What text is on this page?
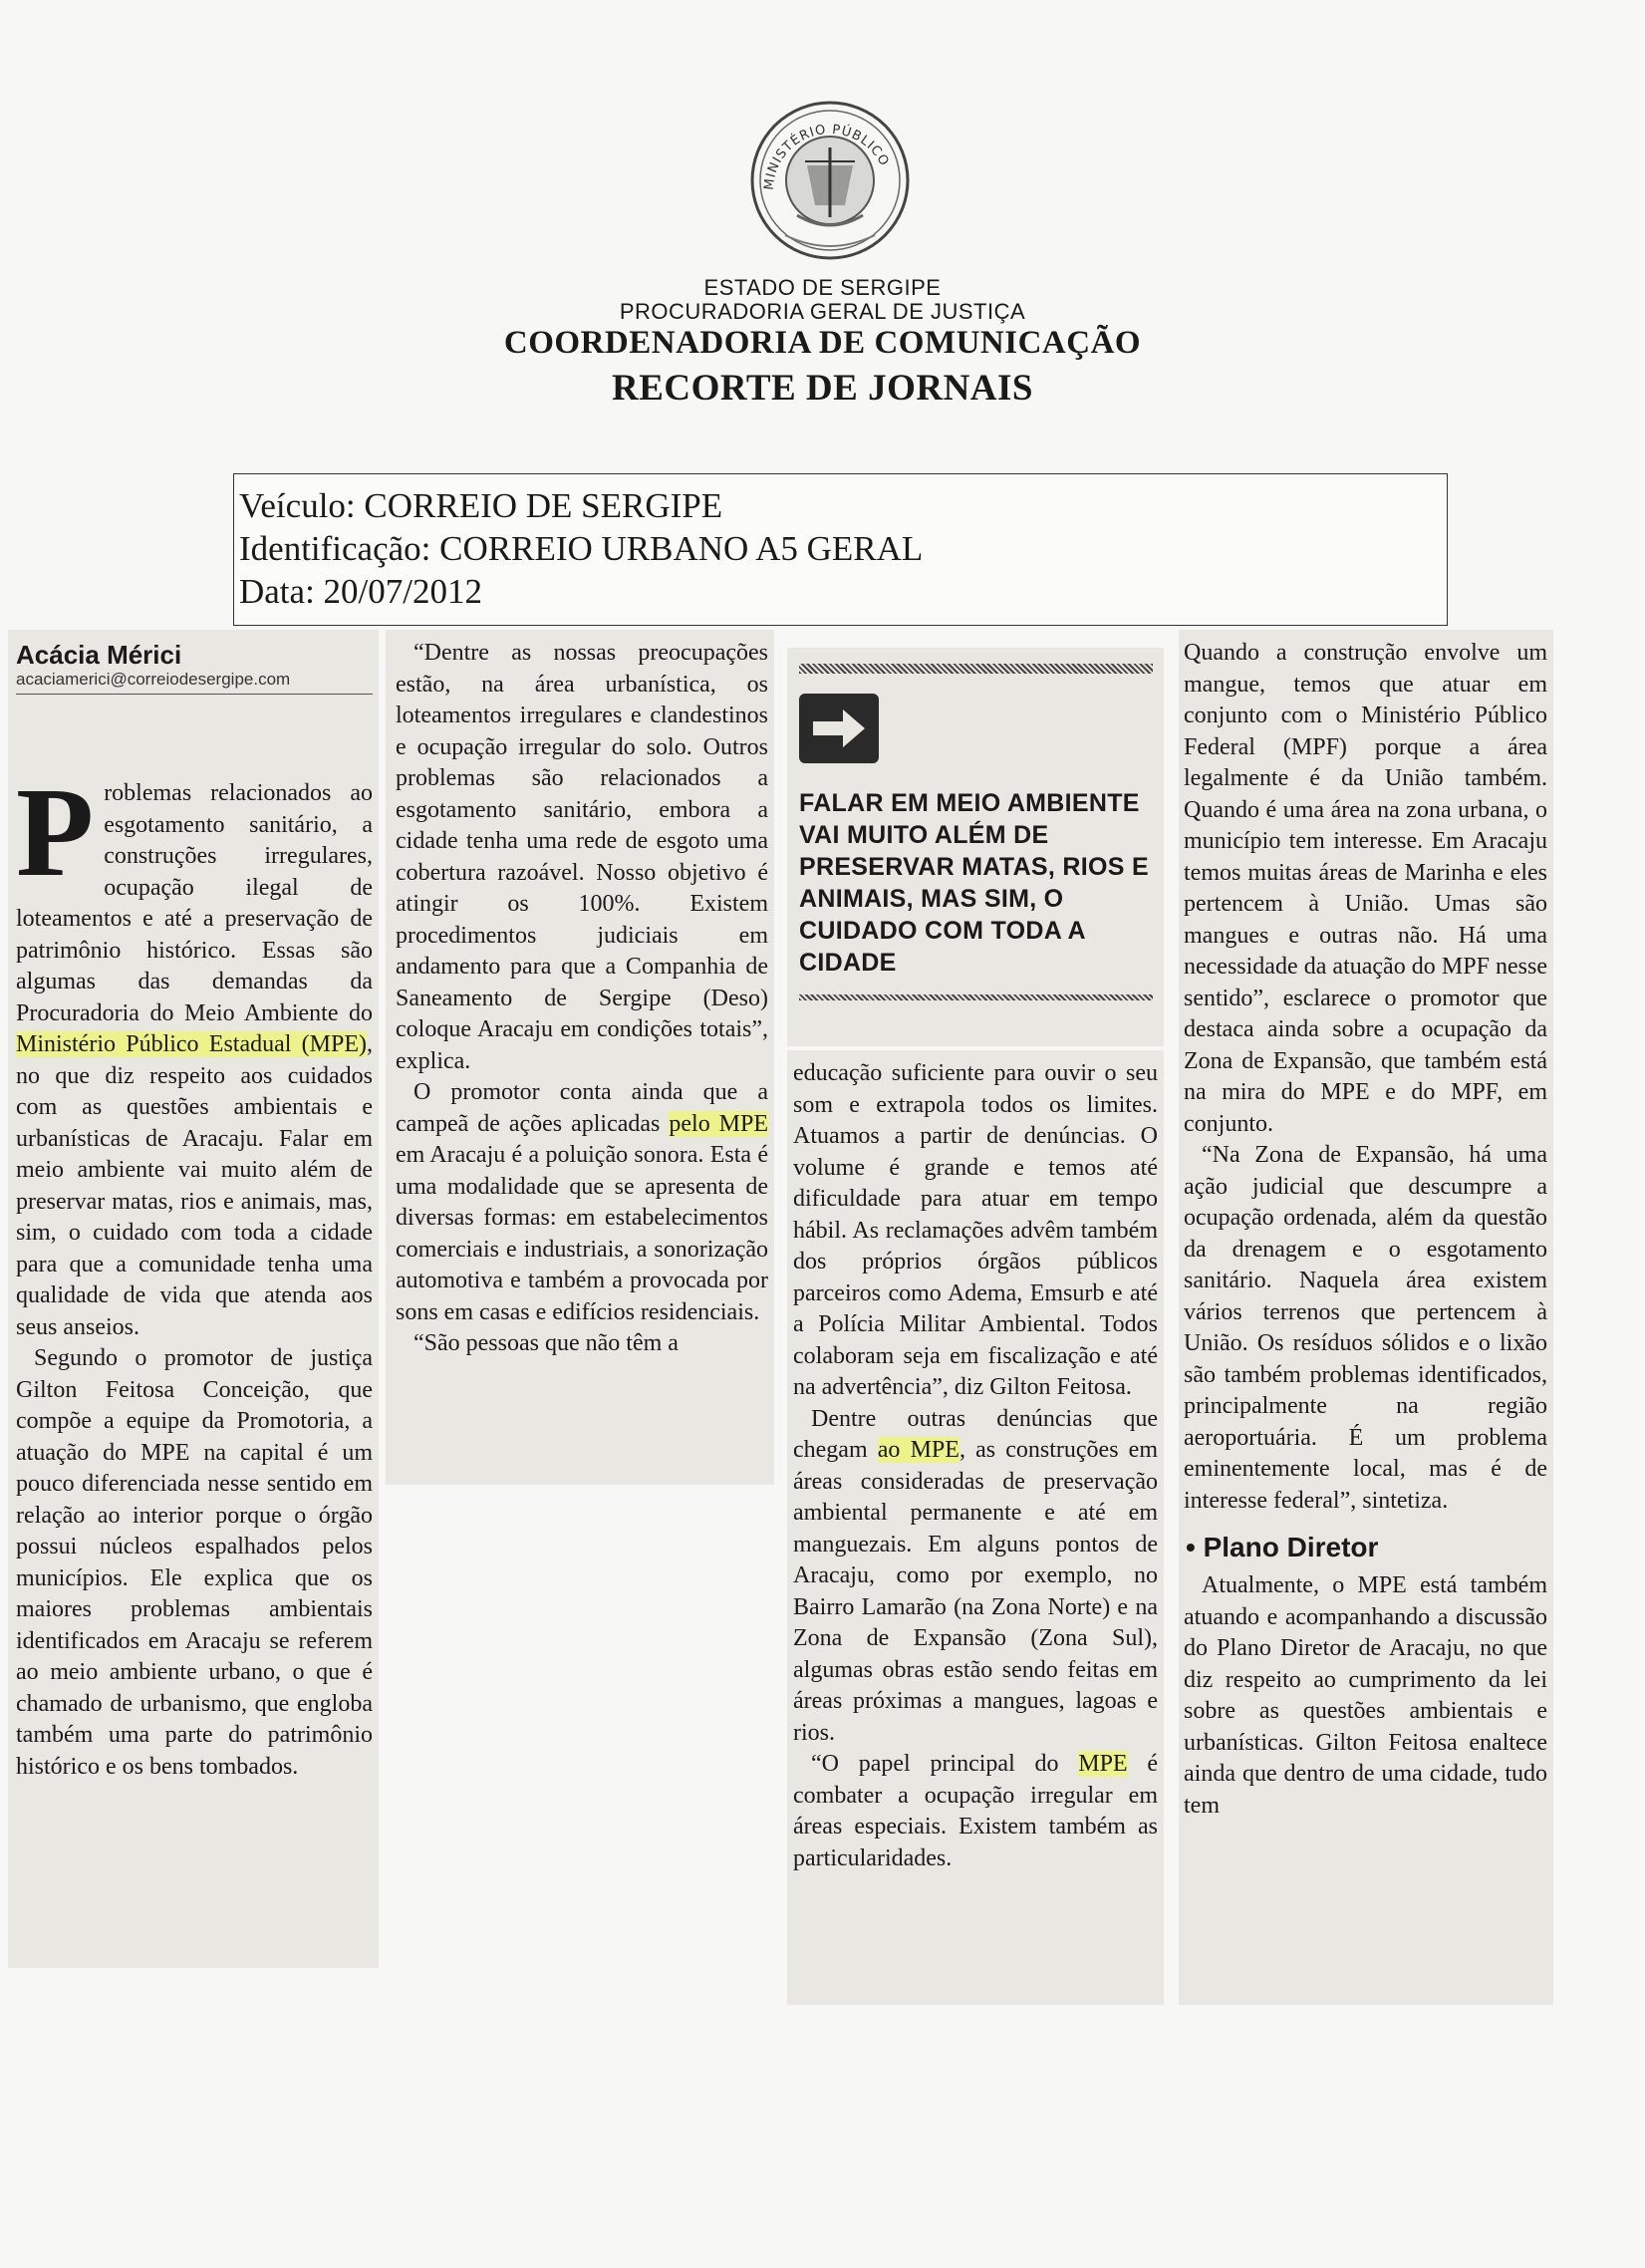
MINISTÉRIO PÚBLICO
ESTADO DE SERGIPE
PROCURADORIA GERAL DE JUSTIÇA
COORDENADORIA DE COMUNICAÇÃO
RECORTE DE JORNAIS
Veículo: CORREIO DE SERGIPE
Identificação: CORREIO URBANO A5 GERAL
Data: 20/07/2012
Acácia Mérici
acaciamerici@correiodesergipe.com
P roblemas relacionados ao esgotamento sanitário, a construções irregulares, ocupação ilegal de loteamentos e até a preservação de patrimônio histórico. Essas são algumas das demandas da Procuradoria do Meio Ambiente do Ministério Público Estadual (MPE), no que diz respeito aos cuidados com as questões ambientais e urbanísticas de Aracaju. Falar em meio ambiente vai muito além de preservar matas, rios e animais, mas, sim, o cuidado com toda a cidade para que a comunidade tenha uma qualidade de vida que atenda aos seus anseios.

Segundo o promotor de justiça Gilton Feitosa Conceição, que compõe a equipe da Promotoria, a atuação do MPE na capital é um pouco diferenciada nesse sentido em relação ao interior porque o órgão possui núcleos espalhados pelos municípios. Ele explica que os maiores problemas ambientais identificados em Aracaju se referem ao meio ambiente urbano, o que é chamado de urbanismo, que engloba também uma parte do patrimônio histórico e os bens tombados.

“Dentre as nossas preocupações estão, na área urbanística, os loteamentos irregulares e clandestinos e ocupação irregular do solo. Outros problemas são relacionados a esgotamento sanitário, embora a cidade tenha uma rede de esgoto uma cobertura razoável. Nosso objetivo é atingir os 100%. Existem procedimentos judiciais em andamento para que a Companhia de Saneamento de Sergipe (Deso) coloque Aracaju em condições totais”, explica.

O promotor conta ainda que a campeã de ações aplicadas pelo MPE em Aracaju é a poluição sonora. Esta é uma modalidade que se apresenta de diversas formas: em estabelecimentos comerciais e industriais, a sonorização automotiva e também a provocada por sons em casas e edifícios residenciais.

“São pessoas que não têm a

FALAR EM MEIO AMBIENTE VAI MUITO ALÉM DE PRESERVAR MATAS, RIOS E ANIMAIS, MAS SIM, O CUIDADO COM TODA A CIDADE

educação suficiente para ouvir o seu som e extrapola todos os limites. Atuamos a partir de denúncias. O volume é grande e temos até dificuldade para atuar em tempo hábil. As reclamações advêm também dos próprios órgãos públicos parceiros como Adema, Emsurb e até a Polícia Militar Ambiental. Todos colaboram seja em fiscalização e até na advertência”, diz Gilton Feitosa.

Dentre outras denúncias que chegam ao MPE, as construções em áreas consideradas de preservação ambiental permanente e até em manguezais. Em alguns pontos de Aracaju, como por exemplo, no Bairro Lamarão (na Zona Norte) e na Zona de Expansão (Zona Sul), algumas obras estão sendo feitas em áreas próximas a mangues, lagoas e rios.

“O papel principal do MPE é combater a ocupação irregular em áreas especiais. Existem também as particularidades.

Quando a construção envolve um mangue, temos que atuar em conjunto com o Ministério Público Federal (MPF) porque a área legalmente é da União também. Quando é uma área na zona urbana, o município tem interesse. Em Aracaju temos muitas áreas de Marinha e eles pertencem à União. Umas são mangues e outras não. Há uma necessidade da atuação do MPF nesse sentido”, esclarece o promotor que destaca ainda sobre a ocupação da Zona de Expansão, que também está na mira do MPE e do MPF, em conjunto.

“Na Zona de Expansão, há uma ação judicial que descumpre a ocupação ordenada, além da questão da drenagem e o esgotamento sanitário. Naquela área existem vários terrenos que pertencem à União. Os resíduos sólidos e o lixão são também problemas identificados, principalmente na região aeroportuária. É um problema eminentemente local, mas é de interesse federal”, sintetiza.

• Plano Diretor

Atualmente, o MPE está também atuando e acompanhando a discussão do Plano Diretor de Aracaju, no que diz respeito ao cumprimento da lei sobre as questões ambientais e urbanísticas. Gilton Feitosa enaltece ainda que dentro de uma cidade, tudo tem
